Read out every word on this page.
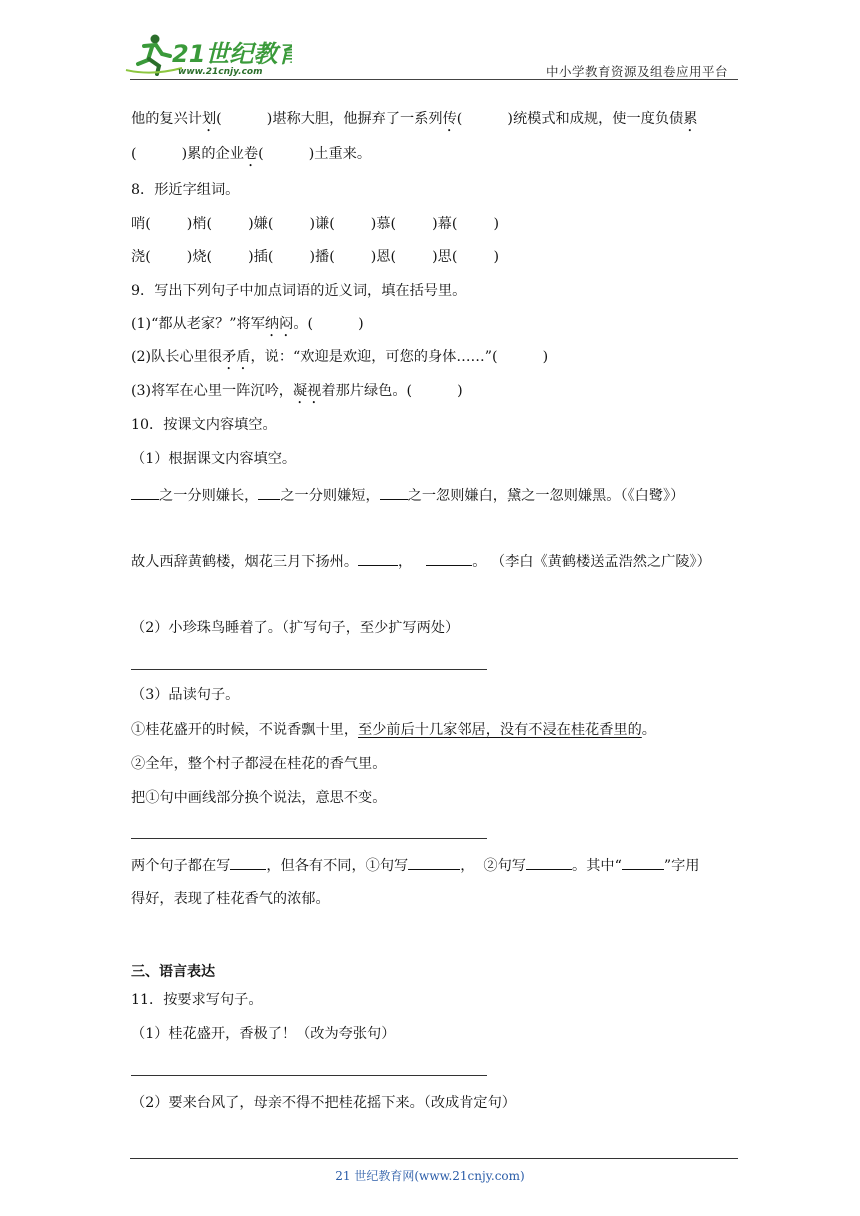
21世纪教育
www.21cnjy.com	中小学教育资源及组卷应用平台
他的复兴计划(          )堪称大胆，他摒弃了一系列传(          )统模式和成规，使一度负债累
(          )累的企业卷(          )土重来。
8．形近字组词。
哨(        )梢(        )嫌(        )谦(        )慕(        )幕(        )
浇(        )烧(        )插(        )播(        )恩(        )思(        )
9．写出下列句子中加点词语的近义词，填在括号里。
(1)“都从老家？”将军纳闷。(          )
(2)队长心里很矛盾，说：“欢迎是欢迎，可您的身体……”(          )
(3)将军在心里一阵沉吟，凝视着那片绿色。(          )
10．按课文内容填空。
（1）根据课文内容填空。
之一分则嫌长， 之一分则嫌短， 之一忽则嫌白，黛之一忽则嫌黑。（《白鹭》）
故人西辞黄鹤楼，烟花三月下扬州。	，	。 （李白《黄鹤楼送孟浩然之广陵》）
（2）小珍珠鸟睡着了。（扩写句子，至少扩写两处）
（3）品读句子。
①桂花盛开的时候，不说香飘十里，至少前后十几家邻居，没有不浸在桂花香里的。
②全年，整个村子都浸在桂花的香气里。
把①句中画线部分换个说法，意思不变。
两个句子都在写	，但各有不同，①句写	，  ②句写	。其中“	”字用
得好，表现了桂花香气的浓郁。
三、语言表达
11．按要求写句子。
（1）桂花盛开，香极了！（改为夸张句）
（2）要来台风了，母亲不得不把桂花摇下来。（改成肯定句）
21 世纪教育网(www.21cnjy.com)
